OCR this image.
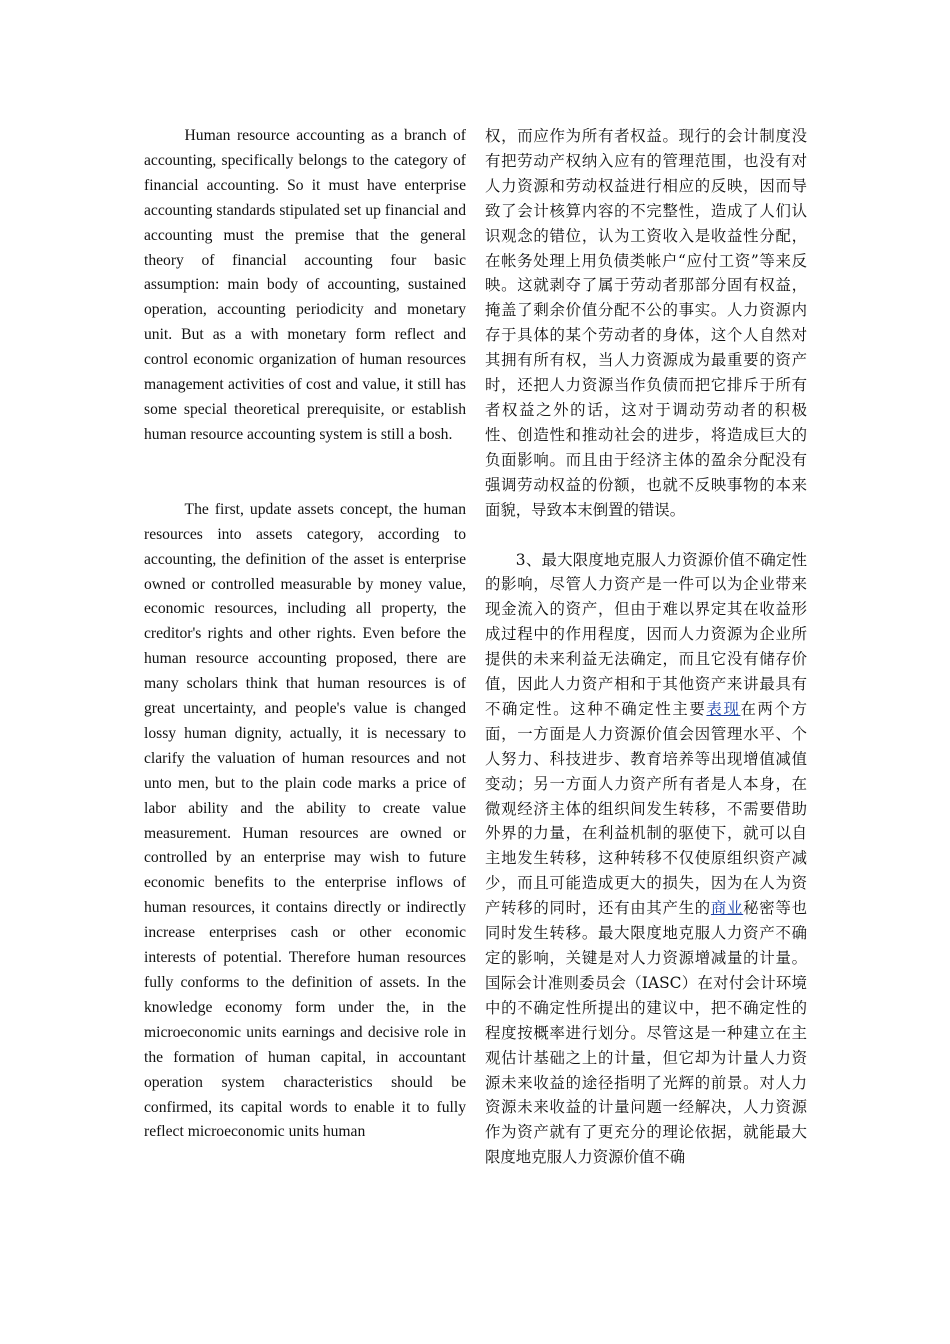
Human resource accounting as a branch of accounting, specifically belongs to the category of financial accounting. So it must have enterprise accounting standards stipulated set up financial and accounting must the premise that the general theory of financial accounting four basic assumption: main body of accounting, sustained operation, accounting periodicity and monetary unit. But as a with monetary form reflect and control economic organization of human resources management activities of cost and value, it still has some special theoretical prerequisite, or establish human resource accounting system is still a bosh.

The first, update assets concept, the human resources into assets category, according to accounting, the definition of the asset is enterprise owned or controlled measurable by money value, economic resources, including all property, the creditor's rights and other rights. Even before the human resource accounting proposed, there are many scholars think that human resources is of great uncertainty, and people's value is changed lossy human dignity, actually, it is necessary to clarify the valuation of human resources and not unto men, but to the plain code marks a price of labor ability and the ability to create value measurement. Human resources are owned or controlled by an enterprise may wish to future economic benefits to the enterprise inflows of human resources, it contains directly or indirectly increase enterprises cash or other economic interests of potential. Therefore human resources fully conforms to the definition of assets. In the knowledge economy form under the, in the microeconomic units earnings and decisive role in the formation of human capital, in accountant operation system characteristics should be confirmed, its capital words to enable it to fully reflect microeconomic units human

权，而应作为所有者权益。现行的会计制度没有把劳动产权纳入应有的管理范围，也没有对人力资源和劳动权益进行相应的反映，因而导致了会计核算内容的不完整性，造成了人们认识观念的错位，认为工资收入是收益性分配，在帐务处理上用负债类帐户“应付工资”等来反映。这就剥夺了属于劳动者那部分固有权益，掩盖了剩余价值分配不公的事实。人力资源内存于具体的某个劳动者的身体，这个人自然对其拥有所有权，当人力资源成为最重要的资产时，还把人力资源当作负债而把它排斥于所有者权益之外的话，这对于调动劳动者的积极性、创造性和推动社会的进步，将造成巨大的负面影响。而且由于经济主体的盈余分配没有强调劳动权益的份额，也就不反映事物的本来面貌，导致本末倒置的错误。

3、最大限度地克服人力资源价值不确定性的影响，尽管人力资产是一件可以为企业带来现金流入的资产，但由于难以界定其在收益形成过程中的作用程度，因而人力资源为企业所提供的未来利益无法确定，而且它没有储存价值，因此人力资产相和于其他资产来讲最具有不确定性。这种不确定性主要表现在两个方面，一方面是人力资源价值会因管理水平、个人努力、科技进步、教育培养等出现增值减值变动；另一方面人力资产所有者是人本身，在微观经济主体的组织间发生转移，不需要借助外界的力量，在利益机制的驱使下，就可以自主地发生转移，这种转移不仅使原组织资产减少，而且可能造成更大的损失，因为在人为资产转移的同时，还有由其产生的商业秘密等也同时发生转移。最大限度地克服人力资产不确定的影响，关键是对人力资源增减量的计量。国际会计准则委员会（IASC）在对付会计环境中的不确定性所提出的建议中，把不确定性的程度按概率进行划分。尽管这是一种建立在主观估计基础之上的计量，但它却为计量人力资源未来收益的途径指明了光辉的前景。对人力资源未来收益的计量问题一经解决，人力资源作为资产就有了更充分的理论依据，就能最大限度地克服人力资源价值不确
